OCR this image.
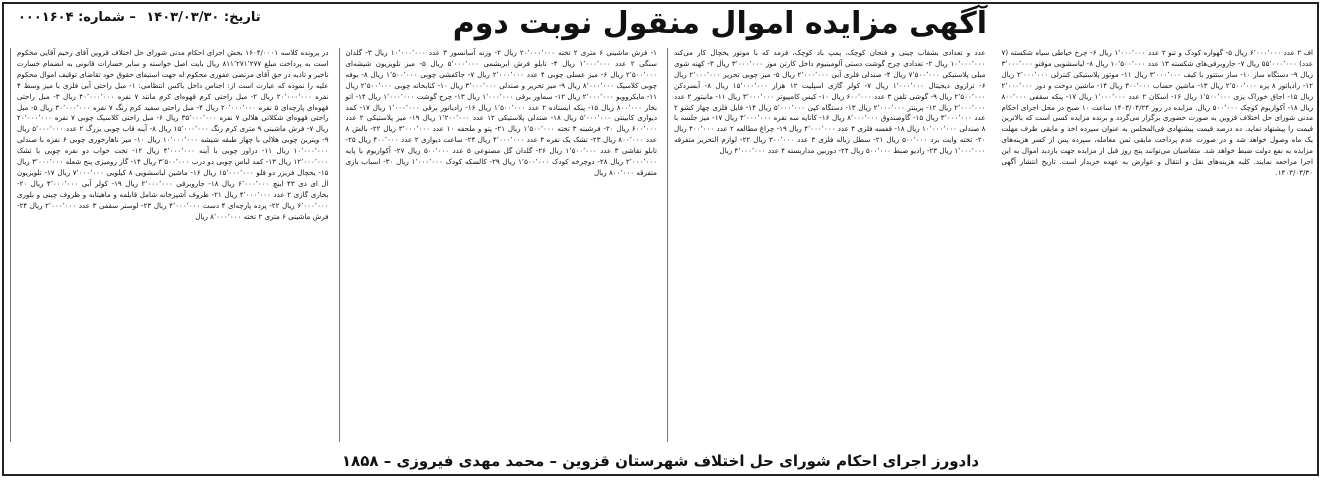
آگهی مزایده اموال منقول نوبت دوم
تاریخ: ۱۴۰۳/۰۳/۳۰ – شماره: ۰۰۰۱۶۰۴
در پرونده کلاسه ۱۶۰۴/۰۰۰۱ بخش اجرای احکام مدنی شورای حل اختلاف قزوین آقای رحیم آقایی محکوم است به پرداخت مبلغ ۸۱۱٬۲۷۱٬۲۷۷ ریال بابت اصل خواسته و سایر خسارات قانونی به انضمام خسارت تاخیر و تادیه در حق آقای مرتضی عفوری محکوم له جهت استیفای حقوق خود تقاضای توقیف اموال محکوم علیه را نموده که عبارت است از: اجناس داخل باکس انتظامی: ۱- مبل راحتی آبی فلزی با میز وسط ۴ نفره ۲۰٬۰۰۰٬۰۰۰ ریال ۲- مبل راحتی کرم قهوه‌ای کرم مانند ۷ نفره ۴۰٬۰۰۰٬۰۰۰ ریال ۳- مبل راحتی قهوه‌ای پارچه‌ای ۵ نفره ۲۰٬۰۰۰٬۰۰۰ ریال ۴- مبل راحتی سفید کرم رنگ ۷ نفره ۳۰٬۰۰۰٬۰۰۰ ریال ۵- مبل راحتی قهوه‌ای شکلاتی هلالی ۷ نفره ۳۵٬۰۰۰٬۰۰۰ ریال ۶- مبل راحتی کلاسیک چوبی ۷ نفره ۲۰٬۰۰۰٬۰۰۰ ریال ۷- فرش ماشینی ۹ متری کرم رنگ ۱۵٬۰۰۰٬۰۰۰ ریال ۸- آینه قاب چوبی بزرگ ۲ عدد ۵٬۰۰۰٬۰۰۰ ریال ۹- ویترین چوبی هلالی با چهار طبقه شیشه ۱۰٬۰۰۰٬۰۰۰ ریال ۱۰- میز ناهارخوری چوبی ۶ نفره با صندلی ۱۰٬۰۰۰٬۰۰۰ ریال ۱۱- دراور چوبی با آینه ۴٬۰۰۰٬۰۰۰ ریال ۱۲- تخت خواب دو نفره چوبی با تشک ۱۲٬۰۰۰٬۰۰۰ ریال ۱۳- کمد لباس چوبی دو درب ۳٬۵۰۰٬۰۰۰ ریال ۱۴- گاز رومیزی پنج شعله ۳٬۰۰۰٬۰۰۰ ریال ۱۵- یخچال فریزر دو قلو ۱۵٬۰۰۰٬۰۰۰ ریال ۱۶- ماشین لباسشویی ۸ کیلویی ۷٬۰۰۰٬۰۰۰ ریال ۱۷- تلویزیون ال ای دی ۴۳ اینچ ۶٬۰۰۰٬۰۰۰ ریال ۱۸- جاروبرقی ۲٬۰۰۰٬۰۰۰ ریال ۱۹- کولر آبی ۴٬۰۰۰٬۰۰۰ ریال ۲۰- بخاری گازی ۲ عدد ۴٬۰۰۰٬۰۰۰ ریال ۲۱- ظروف آشپزخانه شامل قابلمه و ماهیتابه و ظروف چینی و بلوری ۶٬۰۰۰٬۰۰۰ ریال ۲۲- پرده پارچه‌ای ۴ دست ۴٬۰۰۰٬۰۰۰ ریال ۲۳- لوستر سقفی ۳ عدد ۲٬۰۰۰٬۰۰۰ ریال ۲۴- فرش ماشینی ۶ متری ۲ تخته ۸٬۰۰۰٬۰۰۰ ریال
۱- فرش ماشینی ۶ متری ۲ تخته ۲۰٬۰۰۰٬۰۰۰ ریال ۲- وزنه آسانسور ۳ عدد ۱۰٬۰۰۰٬۰۰۰ ریال ۳- گلدان سنگی ۲ عدد ۱٬۰۰۰٬۰۰۰ ریال ۴- تابلو فرش ابریشمی ۵٬۰۰۰٬۰۰۰ ریال ۵- میز تلویزیون شیشه‌ای ۲٬۵۰۰٬۰۰۰ ریال ۶- میز عسلی چوبی ۴ عدد ۲٬۰۰۰٬۰۰۰ ریال ۷- جاکفشی چوبی ۱٬۵۰۰٬۰۰۰ ریال ۸- بوفه چوبی کلاسیک ۸٬۰۰۰٬۰۰۰ ریال ۹- میز تحریر و صندلی ۳٬۰۰۰٬۰۰۰ ریال ۱۰- کتابخانه چوبی ۲٬۵۰۰٬۰۰۰ ریال ۱۱- مایکروویو ۲٬۰۰۰٬۰۰۰ ریال ۱۲- سماور برقی ۱٬۰۰۰٬۰۰۰ ریال ۱۳- چرخ گوشت ۱٬۰۰۰٬۰۰۰ ریال ۱۴- اتو بخار ۸۰۰٬۰۰۰ ریال ۱۵- پنکه ایستاده ۲ عدد ۱٬۵۰۰٬۰۰۰ ریال ۱۶- رادیاتور برقی ۱٬۰۰۰٬۰۰۰ ریال ۱۷- کمد دیواری کابینتی ۵٬۰۰۰٬۰۰۰ ریال ۱۸- صندلی پلاستیکی ۱۲ عدد ۱٬۲۰۰٬۰۰۰ ریال ۱۹- میز پلاستیکی ۲ عدد ۶۰۰٬۰۰۰ ریال ۲۰- فرشینه ۳ تخته ۱٬۵۰۰٬۰۰۰ ریال ۲۱- پتو و ملحفه ۱۰ عدد ۳٬۰۰۰٬۰۰۰ ریال ۲۲- بالش ۸ عدد ۸۰۰٬۰۰۰ ریال ۲۳- تشک یک نفره ۴ عدد ۴٬۰۰۰٬۰۰۰ ریال ۲۴- ساعت دیواری ۲ عدد ۴۰۰٬۰۰۰ ریال ۲۵- تابلو نقاشی ۳ عدد ۱٬۵۰۰٬۰۰۰ ریال ۲۶- گلدان گل مصنوعی ۵ عدد ۵۰۰٬۰۰۰ ریال ۲۷- آکواریوم با پایه ۲٬۰۰۰٬۰۰۰ ریال ۲۸- دوچرخه کودک ۱٬۵۰۰٬۰۰۰ ریال ۲۹- کالسکه کودک ۱٬۰۰۰٬۰۰۰ ریال ۳۰- اسباب بازی متفرقه ۸۰۰٬۰۰۰ ریال
عدد و تعدادی بشقاب چینی و فنجان کوچک، پمپ باد کوچک، فرمد که با موتور یخچال کار می‌کند ۱۰٬۰۰۰٬۰۰۰ ریال ۲- تعدادی چرخ گوشت دستی آلومینیوم داخل کارتن موز ۳٬۰۰۰٬۰۰۰ ریال ۳- کهنه شوی مبلی پلاستیکی ۷٬۵۰۰٬۰۰۰ ریال ۴- صندلی فلزی آبی ۲٬۰۰۰٬۰۰۰ ریال ۵- میز چوبی تحریر ۲٬۰۰۰٬۰۰۰ ریال ۶- ترازوی دیجیتال ۱٬۰۰۰٬۰۰۰ ریال ۷- کولر گازی اسپلیت ۱۲ هزار ۱۵٬۰۰۰٬۰۰۰ ریال ۸- آبسردکن ۲٬۵۰۰٬۰۰۰ ریال ۹- گوشی تلفن ۳ عدد ۶۰۰٬۰۰۰ ریال ۱۰- کیس کامپیوتر ۳٬۰۰۰٬۰۰۰ ریال ۱۱- مانیتور ۲ عدد ۲٬۰۰۰٬۰۰۰ ریال ۱۲- پرینتر ۲٬۰۰۰٬۰۰۰ ریال ۱۳- دستگاه کپی ۵٬۰۰۰٬۰۰۰ ریال ۱۴- فایل فلزی چهار کشو ۲ عدد ۳٬۰۰۰٬۰۰۰ ریال ۱۵- گاوصندوق ۸٬۰۰۰٬۰۰۰ ریال ۱۶- کاناپه سه نفره ۴٬۰۰۰٬۰۰۰ ریال ۱۷- میز جلسه با ۸ صندلی ۱۰٬۰۰۰٬۰۰۰ ریال ۱۸- قفسه فلزی ۴ عدد ۴٬۰۰۰٬۰۰۰ ریال ۱۹- چراغ مطالعه ۲ عدد ۴۰۰٬۰۰۰ ریال ۲۰- تخته وایت برد ۵۰۰٬۰۰۰ ریال ۲۱- سطل زباله فلزی ۳ عدد ۳۰۰٬۰۰۰ ریال ۲۲- لوازم التحریر متفرقه ۱٬۰۰۰٬۰۰۰ ریال ۲۳- رادیو ضبط ۵۰۰٬۰۰۰ ریال ۲۴- دوربین مداربسته ۴ عدد ۴٬۰۰۰٬۰۰۰ ریال
اف ۲ عدد ۶٬۰۰۰٬۰۰۰ ریال ۵- گهواره کودک و تنو ۲ عدد ۱٬۰۰۰٬۰۰۰ ریال ۶- چرخ خیاطی سیاه شکسته (۷ عدد) ۵۵٬۰۰۰٬۰۰۰ ریال ۷- جاروبرقی‌های شکسته ۱۳ عدد ۱۰٬۵۰۰٬۰۰۰ ریال ۸- لباسشویی موقتو ۳٬۰۰۰٬۰۰۰ ریال ۹- دستگاه ساز ۱۰- ساز ستتور با کیف ۳٬۰۰۰٬۰۰۰ ریال ۱۱- موتور پلاستیکی کنترلی ۲٬۰۰۰٬۰۰۰ ریال ۱۲- رادیاتور ۸ پره ۲٬۵۰۰٬۰۰۰ ریال ۱۳- ماشین حساب ۳۰۰٬۰۰۰ ریال ۱۴- ماشین دوخت و دوز ۲٬۰۰۰٬۰۰۰ ریال ۱۵- اجاق خوراک پزی ۱٬۵۰۰٬۰۰۰ ریال ۱۶- اسکان ۲ عدد ۱٬۰۰۰٬۰۰۰ ریال ۱۷- پنکه سقفی ۸۰۰٬۰۰۰ ریال ۱۸- آکواریوم کوچک ۵۰۰٬۰۰۰ ریال. مزایده در روز ۱۴۰۳/۰۴/۲۴ ساعت ۱۰ صبح در محل اجرای احکام مدنی شورای حل اختلاف قزوین به صورت حضوری برگزار می‌گردد و برنده مزایده کسی است که بالاترین قیمت را پیشنهاد نماید. ده درصد قیمت پیشنهادی فی‌المجلس به عنوان سپرده اخذ و مابقی ظرف مهلت یک ماه وصول خواهد شد و در صورت عدم پرداخت مابقی ثمن معامله، سپرده پس از کسر هزینه‌های مزایده به نفع دولت ضبط خواهد شد. متقاضیان می‌توانند پنج روز قبل از مزایده جهت بازدید اموال به این اجرا مراجعه نمایند. کلیه هزینه‌های نقل و انتقال و عوارض به عهده خریدار است. تاریخ انتشار آگهی ۱۴۰۳/۰۳/۳۰.
دادورز اجرای احکام شورای حل اختلاف شهرستان قزوین – محمد مهدی فیروزی – ۱۸۵۸
